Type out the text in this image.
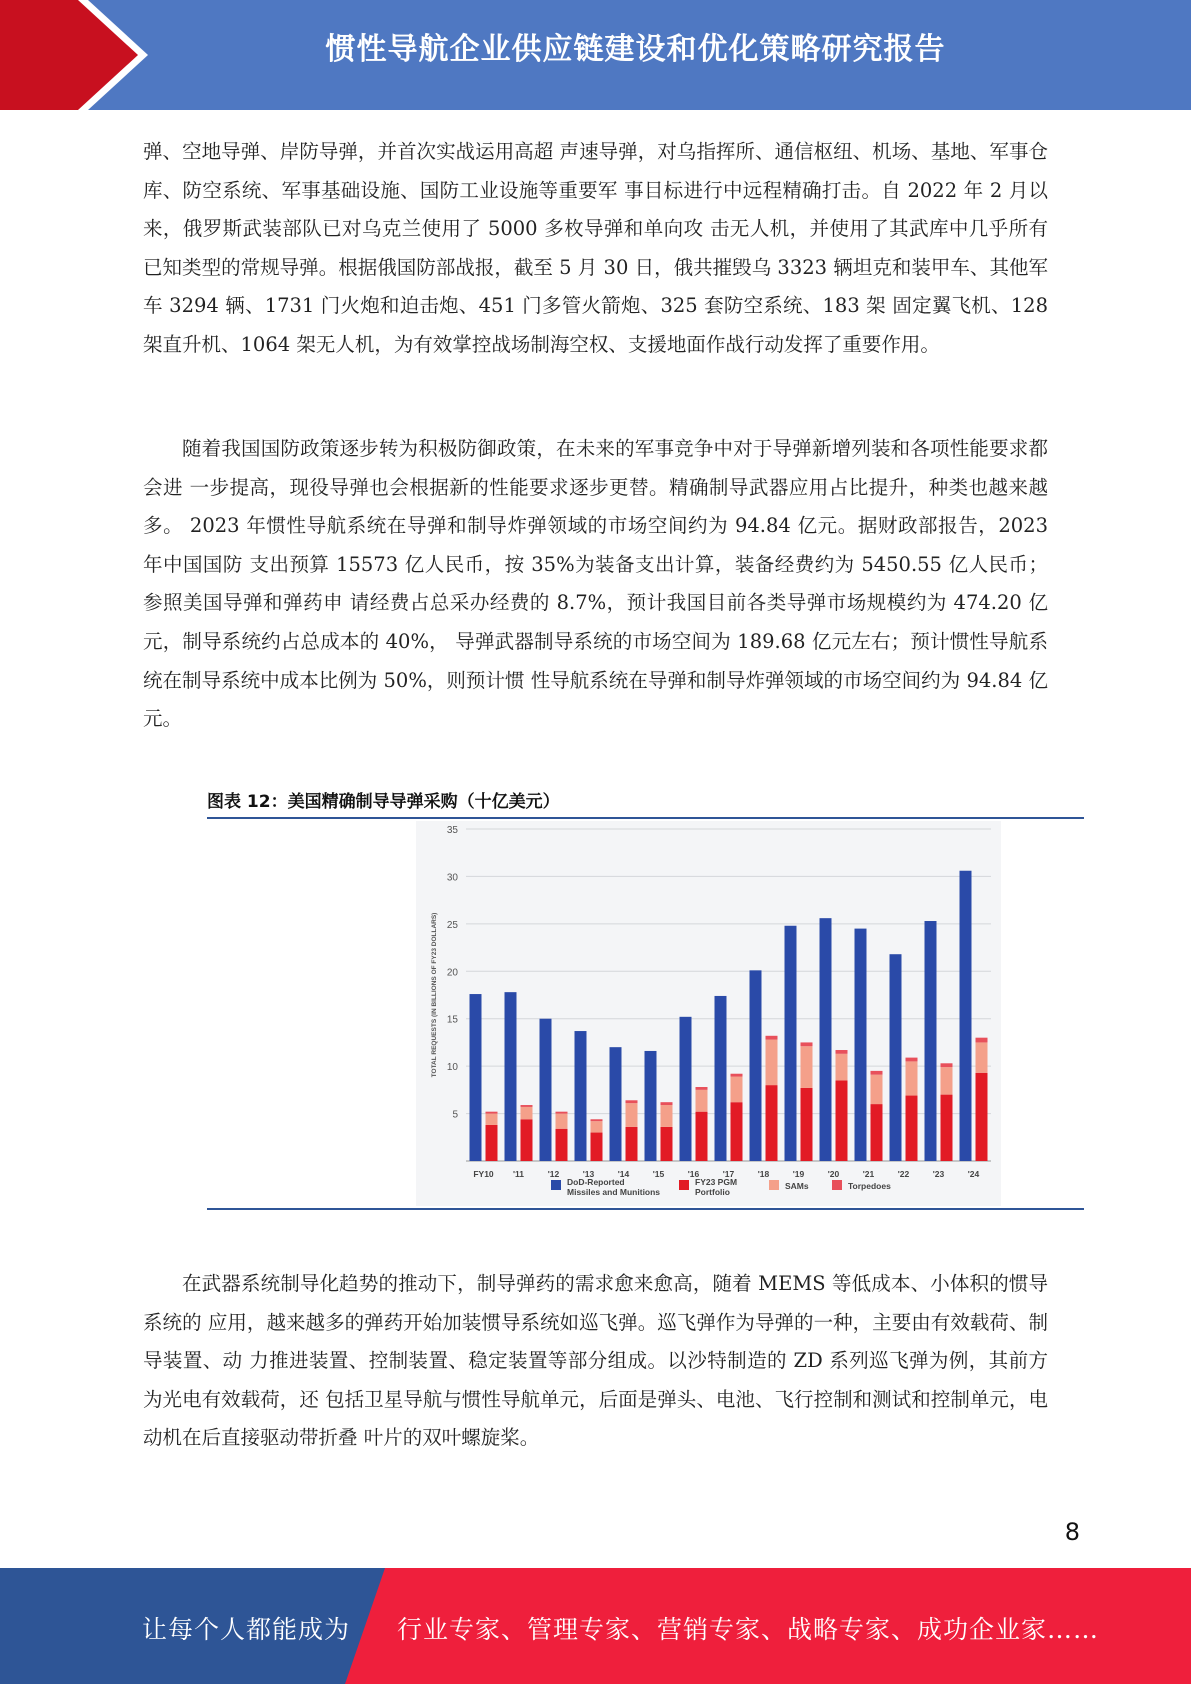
惯性导航企业供应链建设和优化策略研究报告

弹、空地导弹、岸防导弹，并首次实战运用高超 声速导弹，对乌指挥所、通信枢纽、机场、基地、军事仓库、防空系统、军事基础设施、国防工业设施等重要军 事目标进行中远程精确打击。自 2022 年 2 月以来，俄罗斯武装部队已对乌克兰使用了 5000 多枚导弹和单向攻 击无人机，并使用了其武库中几乎所有已知类型的常规导弹。根据俄国防部战报，截至 5 月 30 日，俄共摧毁乌 3323 辆坦克和装甲车、其他军车 3294 辆、1731 门火炮和迫击炮、451 门多管火箭炮、325 套防空系统、183 架 固定翼飞机、128 架直升机、1064 架无人机，为有效掌控战场制海空权、支援地面作战行动发挥了重要作用。

随着我国国防政策逐步转为积极防御政策，在未来的军事竞争中对于导弹新增列装和各项性能要求都会进 一步提高，现役导弹也会根据新的性能要求逐步更替。精确制导武器应用占比提升，种类也越来越多。 2023 年惯性导航系统在导弹和制导炸弹领域的市场空间约为 94.84 亿元。据财政部报告，2023 年中国国防 支出预算 15573 亿人民币，按 35%为装备支出计算，装备经费约为 5450.55 亿人民币；参照美国导弹和弹药申 请经费占总采办经费的 8.7%，预计我国目前各类导弹市场规模约为 474.20 亿元，制导系统约占总成本的 40%， 导弹武器制导系统的市场空间为 189.68 亿元左右；预计惯性导航系统在制导系统中成本比例为 50%，则预计惯 性导航系统在导弹和制导炸弹领域的市场空间约为 94.84 亿元。

图表 12：美国精确制导导弹采购（十亿美元）
5
10
15
20
25
30
35
TOTAL REQUESTS (IN BILLIONS OF FY23 DOLLARS)
FY10 '11	'12	'13	'14	'15	'16	'17	'18	'19	'20	'21	'22	'23	'24
DoD-Reported
Missiles and Munitions
FY23 PGM
Portfolio
SAMs	Torpedoes

在武器系统制导化趋势的推动下，制导弹药的需求愈来愈高，随着 MEMS 等低成本、小体积的惯导系统的 应用，越来越多的弹药开始加装惯导系统如巡飞弹。巡飞弹作为导弹的一种，主要由有效载荷、制导装置、动 力推进装置、控制装置、稳定装置等部分组成。以沙特制造的 ZD 系列巡飞弹为例，其前方为光电有效载荷，还 包括卫星导航与惯性导航单元，后面是弹头、电池、飞行控制和测试和控制单元，电动机在后直接驱动带折叠 叶片的双叶螺旋桨。

8
让每个人都能成为 行业专家、管理专家、营销专家、战略专家、成功企业家……
